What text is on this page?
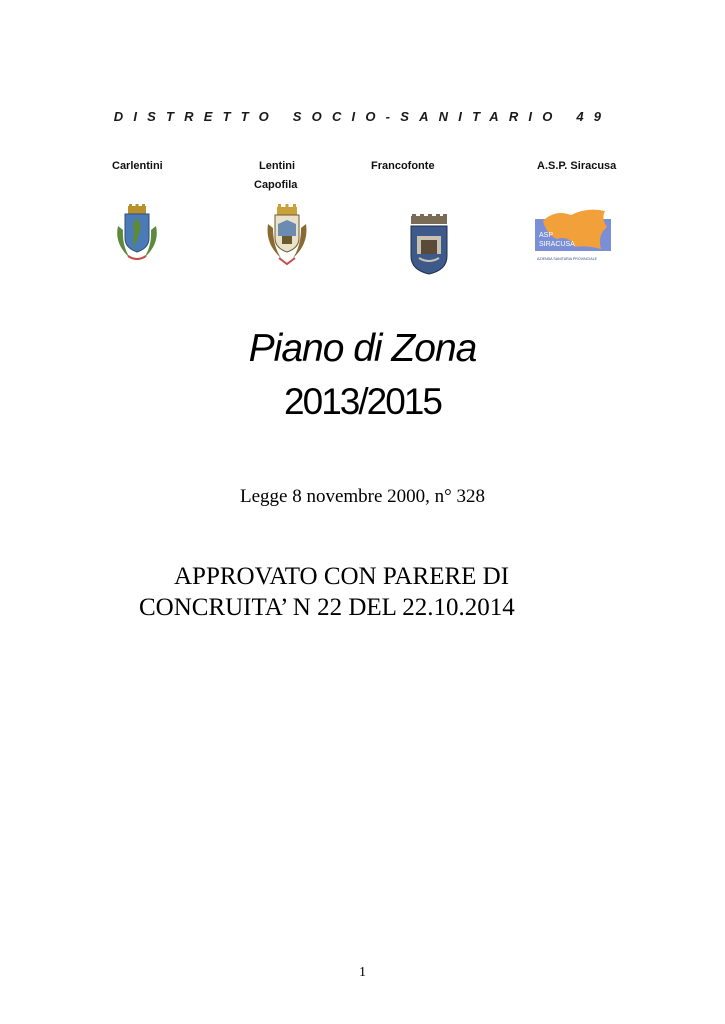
DISTRETTO SOCIO-SANITARIO 49
Carlentini	Lentini
Capofila
Francofonte	A.S.P. Siracusa
ASP
SIRACUSA
AZIENDA SANITARIA PROVINCIALE
Piano di Zona
2013/2015
Legge 8 novembre 2000, n° 328
APPROVATO CON PARERE DI
CONCRUITA’ N 22 DEL 22.10.2014
1
